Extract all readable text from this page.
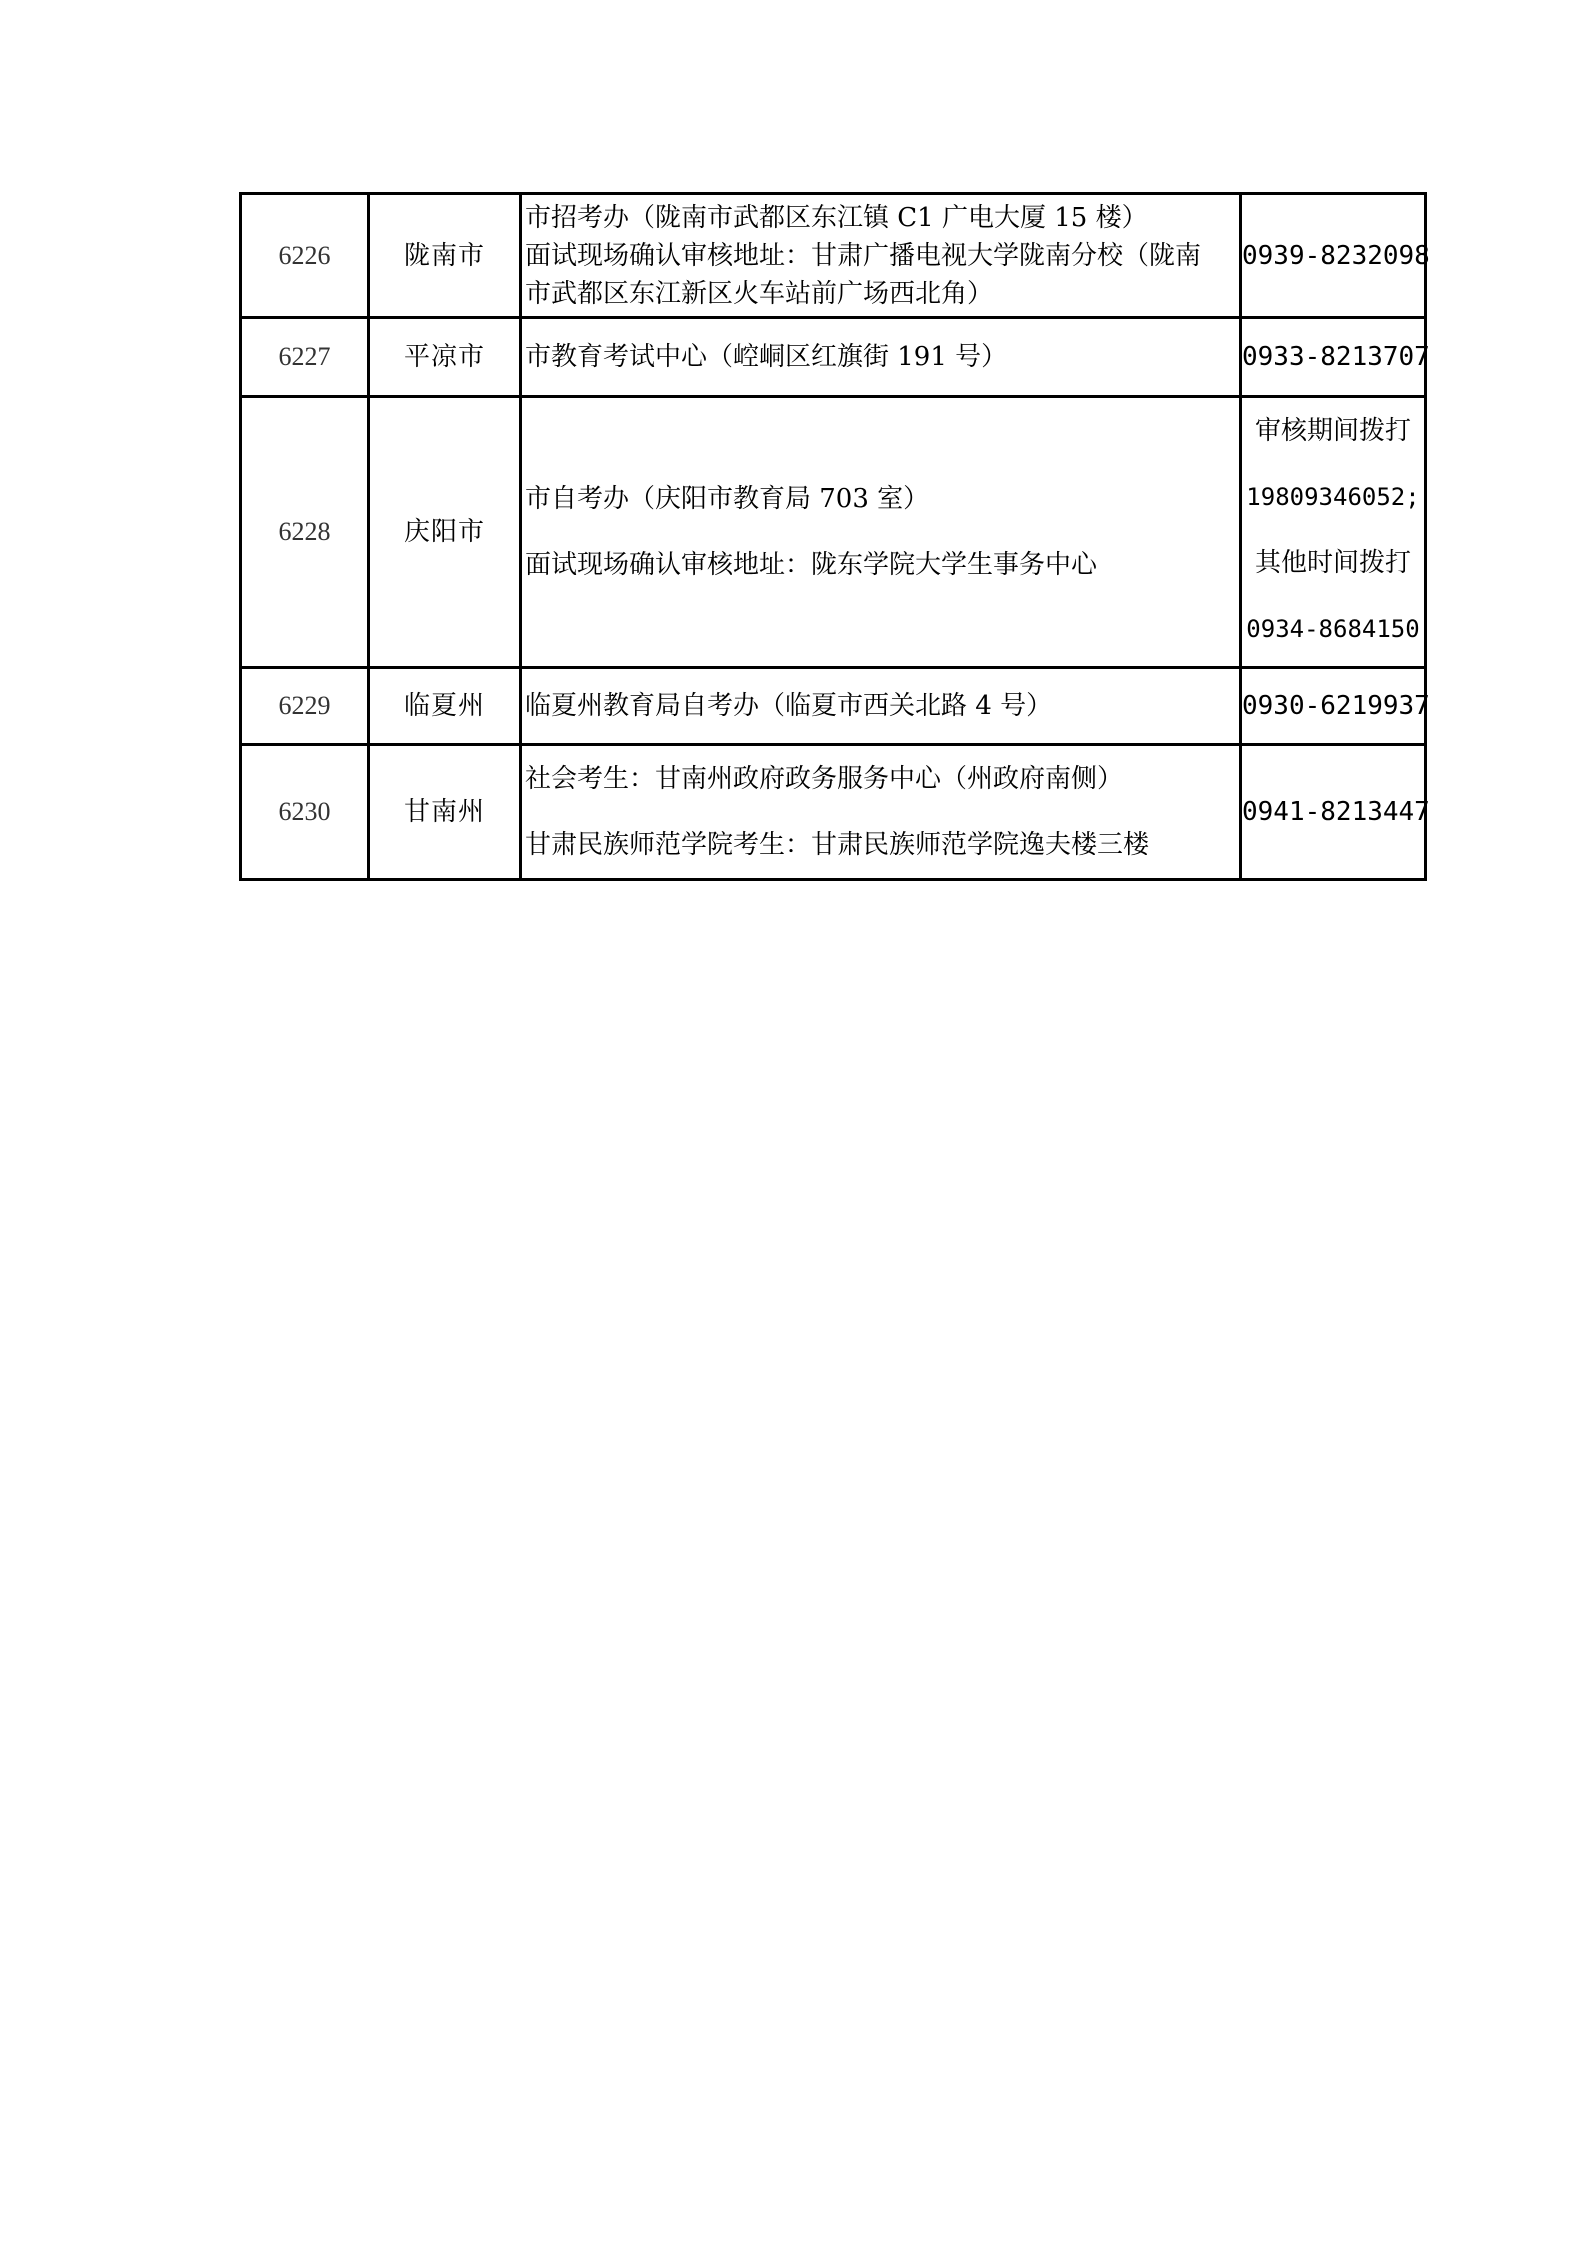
6226	陇南市	市招考办（陇南市武都区东江镇 C1 广电大厦 15 楼）
面试现场确认审核地址：甘肃广播电视大学陇南分校（陇南
市武都区东江新区火车站前广场西北角）	0939-8232098

6227	平凉市	市教育考试中心（崆峒区红旗街 191 号）	0933-8213707

6228	庆阳市	市自考办（庆阳市教育局 703 室）
面试现场确认审核地址：陇东学院大学生事务中心	审核期间拨打
19809346052;
其他时间拨打
0934-8684150

6229	临夏州	临夏州教育局自考办（临夏市西关北路 4 号）	0930-6219937

6230	甘南州	社会考生：甘南州政府政务服务中心（州政府南侧）
甘肃民族师范学院考生：甘肃民族师范学院逸夫楼三楼	0941-8213447
